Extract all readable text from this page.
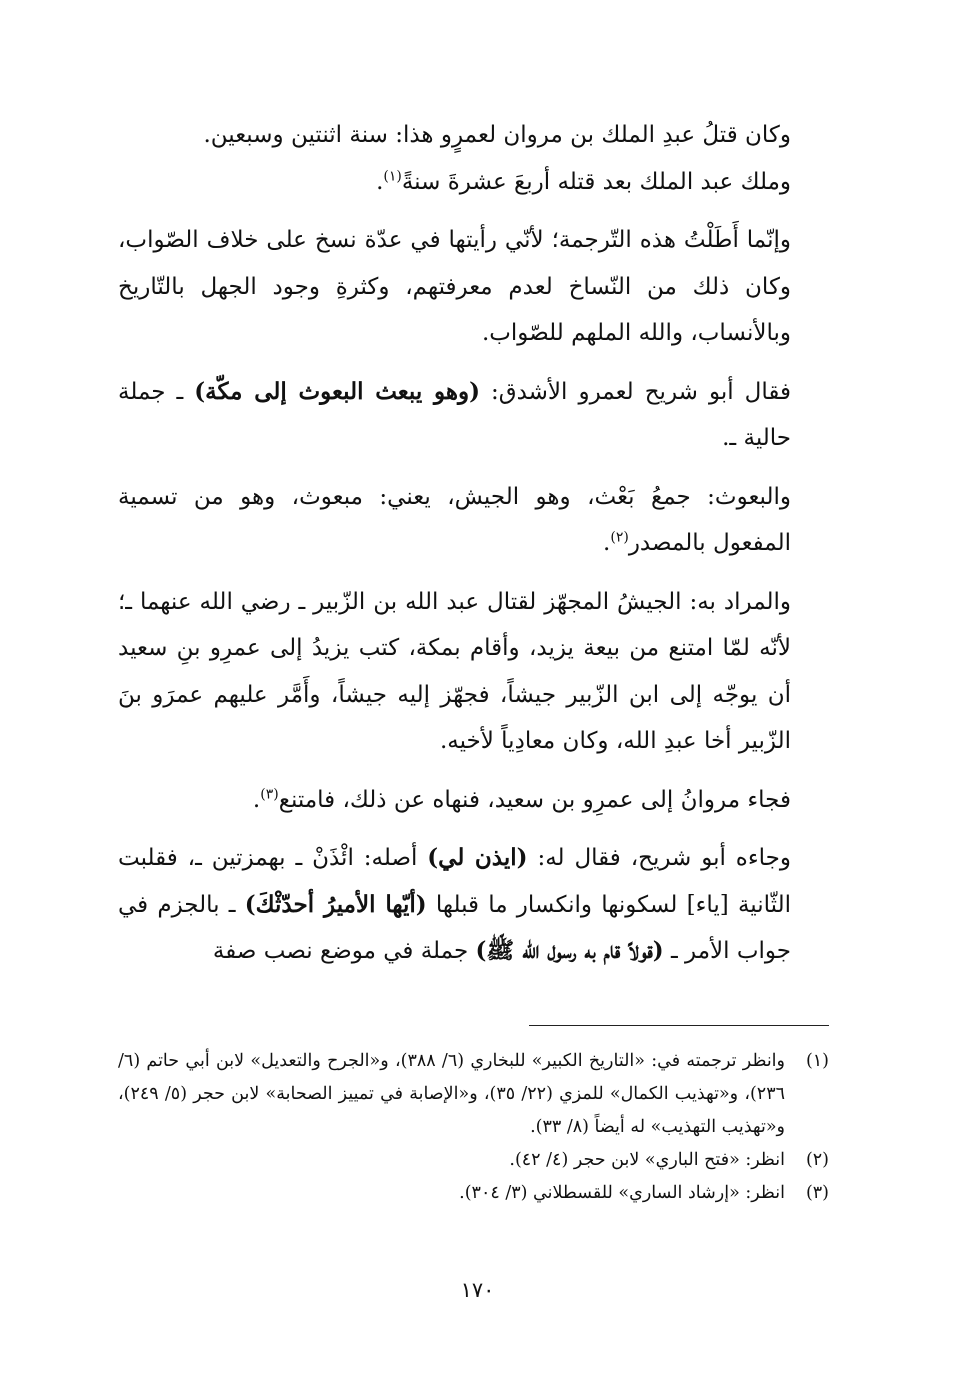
وكان قتلُ عبدِ الملك بن مروان لعمرٍو هذا: سنة اثنتين وسبعين.

وملك عبد الملك بعد قتله أربعَ عشرةَ سنةً$^{(١)}$.

وإنّما أَطَلْتُ هذه التّرجمة؛ لأنّي رأيتها في عدّة نسخ على خلاف الصّواب، وكان ذلك من النّساخ لعدم معرفتهم، وكثرةِ وجود الجهل بالتّاريخ وبالأنساب، والله الملهم للصّواب.

فقال أبو شريح لعمرو الأشدق: (وهو يبعث البعوث إلى مكّة) ـ جملة حالية ـ.

والبعوث: جمعُ بَعْث، وهو الجيش، يعني: مبعوث، وهو من تسمية المفعول بالمصدر$^{(٢)}$.

والمراد به: الجيشُ المجهّز لقتال عبد الله بن الزّبير ـ رضي الله عنهما ـ؛ لأنّه لمّا امتنع من بيعة يزيد، وأقام بمكة، كتب يزيدُ إلى عمرِو بنِ سعيد أن يوجّه إلى ابن الزّبير جيشاً، فجهّز إليه جيشاً، وأَمَّر عليهم عمرَو بنَ الزّبير أخا عبدِ الله، وكان معادِياً لأخيه.

فجاء مروانُ إلى عمرِو بن سعيد، فنهاه عن ذلك، فامتنع$^{(٣)}$.

وجاءه أبو شريح، فقال له: (ايذن لي) أصله: ائْذَنْ ـ بهمزتين ـ، فقلبت الثّانية [ياء] لسكونها وانكسار ما قبلها (أيّها الأميرُ أحدّثْكَ) ـ بالجزم في جواب الأمر ـ (قولاً قام به رسول الله ﷺ) جملة في موضع نصب صفة

(١)
وانظر ترجمته في: «التاريخ الكبير» للبخاري (٦/ ٣٨٨)، و«الجرح والتعديل» لابن أبي حاتم (٦/ ٢٣٦)، و«تهذيب الكمال» للمزي (٢٢/ ٣٥)، و«الإصابة في تمييز الصحابة» لابن حجر (٥/ ٢٤٩)، و«تهذيب التهذيب» له أيضاً (٨/ ٣٣).
(٢)
انظر: «فتح الباري» لابن حجر (٤/ ٤٢).
(٣)
انظر: «إرشاد الساري» للقسطلاني (٣/ ٣٠٤).
١٧٠
